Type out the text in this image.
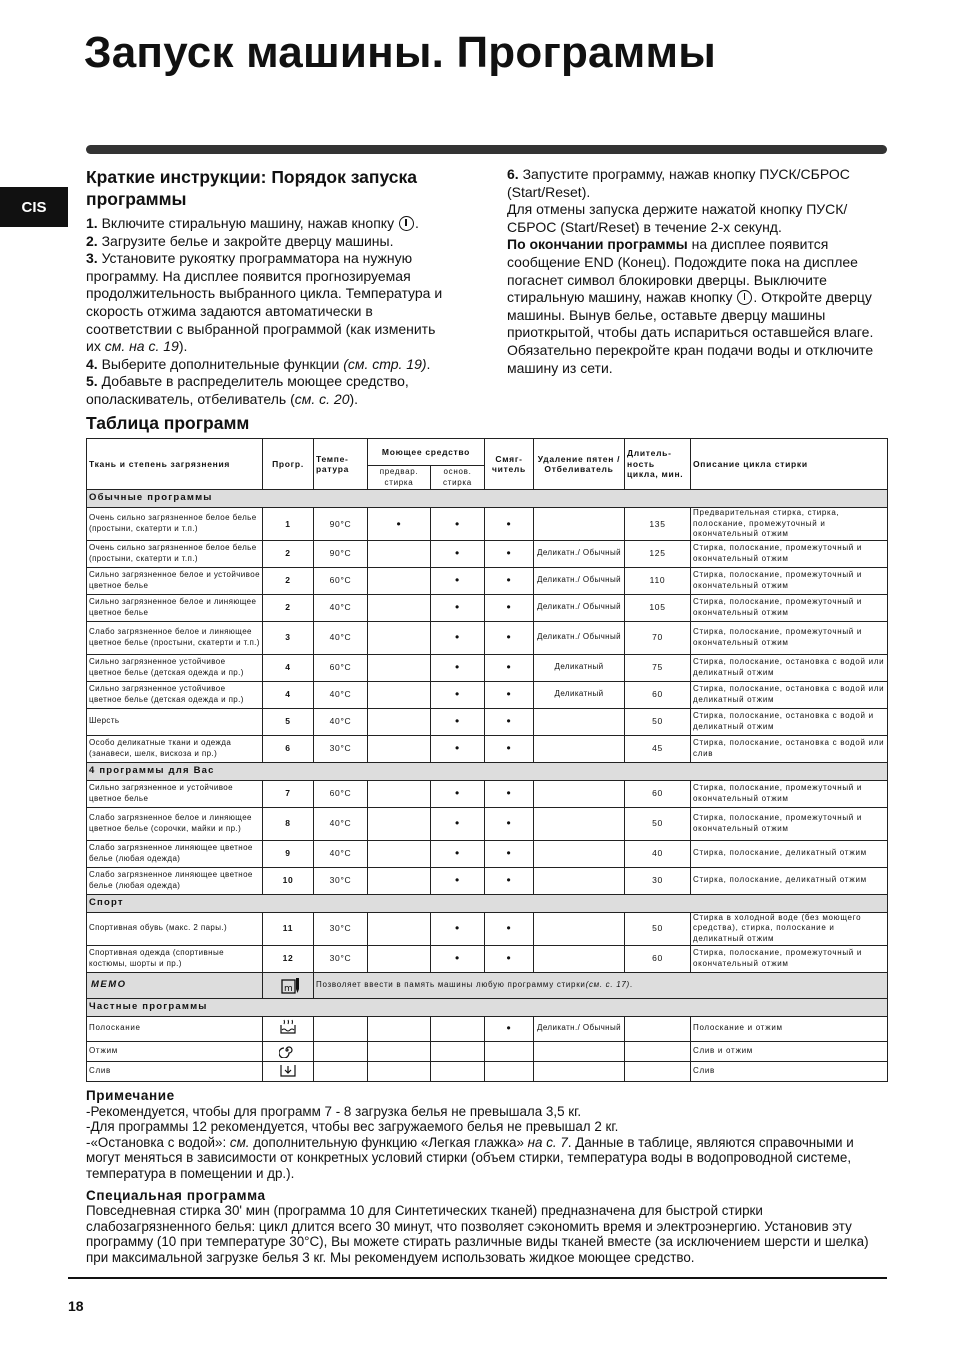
Запуск машины. Программы
CIS
Краткие инструкции: Порядок запуска программы

1. Включите стиральную машину, нажав кнопку .

2. Загрузите белье и закройте дверцу машины.

3. Установите рукоятку программатора на нужную программу. На дисплее появится прогнозируемая продолжительность выбранного цикла. Температура и скорость отжима задаются автоматически в соответствии с выбранной программой (как изменить их см. на с. 19).

4. Выберите дополнительные функции (см. стр. 19).

5. Добавьте в распределитель моющее средство, ополаскиватель, отбеливатель (см. с. 20).

6. Запустите программу, нажав кнопку ПУСК/СБРОС (Start/Reset).

Для отмены запуска держите нажатой кнопку ПУСК/СБРОС (Start/Reset) в течение 2-х секунд.

По окончании программы на дисплее появится сообщение END (Конец). Подождите пока на дисплее погаснет символ блокировки дверцы. Выключите стиральную машину, нажав кнопку . Откройте дверцу машины. Вынув белье, оставьте дверцу машины приоткрытой, чтобы дать испариться оставшейся влаге. Обязательно перекройте кран подачи воды и отключите машину из сети.

Таблица программ
Ткань и степень загрязнения	Прогр.	Темпе-ратура	Моющее средство		Смяг-читель	Удаление пятен / Отбеливатель	Длитель-ность цикла, мин.	Описание цикла стирки
			предвар. стирка	основ. стирка				
Обычные программы								
Очень сильно загрязненное белое белье (простыни, скатерти и т.п.)	1	90°C	•	•	•		135	Предварительная стирка, стирка, полоскание, промежуточный и окончательный отжим
Очень сильно загрязненное белое белье (простыни, скатерти и т.п.)	2	90°C		•	•	Деликатн./ Обычный	125	Стирка, полоскание, промежуточный и окончательный отжим
Сильно загрязненное белое и устойчивое цветное белье	2	60°C		•	•	Деликатн./ Обычный	110	Стирка, полоскание, промежуточный и окончательный отжим
Сильно загрязненное белое и линяющее цветное белье	2	40°C		•	•	Деликатн./ Обычный	105	Стирка, полоскание, промежуточный и окончательный отжим
Слабо загрязненное белое и линяющее цветное белье (простыни, скатерти и т.п.)	3	40°C		•	•	Деликатн./ Обычный	70	Стирка, полоскание, промежуточный и окончательный отжим
Сильно загрязненное устойчивое цветное белье (детская одежда и пр.)	4	60°C		•	•	Деликатный	75	Стирка, полоскание, остановка с водой или деликатный отжим
Сильно загрязненное устойчивое цветное белье (детская одежда и пр.)	4	40°C		•	•	Деликатный	60	Стирка, полоскание, остановка с водой или деликатный отжим
Шерсть	5	40°C		•	•		50	Стирка, полоскание, остановка с водой и деликатный отжим
Особо деликатные ткани и одежда (занавеси, шелк, вискоза и пр.)	6	30°C		•	•		45	Стирка, полоскание, остановка с водой или слив
4 программы для Вас								
Сильно загрязненное и устойчивое цветное белье	7	60°C		•	•		60	Стирка, полоскание, промежуточный и окончательный отжим
Слабо загрязненное белое и линяющее цветное белье (сорочки, майки и пр.)	8	40°C		•	•		50	Стирка, полоскание, промежуточный и окончательный отжим
Слабо загрязненное линяющее цветное белье (любая одежда)	9	40°C		•	•		40	Стирка, полоскание, деликатный отжим
Слабо загрязненное линяющее цветное белье (любая одежда)	10	30°C		•	•		30	Стирка, полоскание, деликатный отжим
Спорт								
Спортивная обувь (макс. 2 пары.)	11	30°C		•	•		50	Стирка в холодной воде (без моющего средства), стирка, полоскание и деликатный отжим
Спортивная одежда (спортивные костюмы, шорты и пр.)	12	30°C		•	•		60	Стирка, полоскание, промежуточный и окончательный отжим
MEMO	m	Позволяет ввести в память машины любую программу стирки(см. с. 17).						
Частные программы								
Полоскание					•	Деликатн./ Обычный		Полоскание и отжим
Отжим								Слив и отжим
Слив								Слив
Примечание

-Рекомендуется, чтобы для программ 7 - 8 загрузка белья не превышала 3,5 кг.

-Для программы 12 рекомендуется, чтобы вес загружаемого белья не превышал 2 кг.

-«Остановка с водой»: см. дополнительную функцию «Легкая глажка» на с. 7. Данные в таблице, являются справочными и могут меняться в зависимости от конкретных условий стирки (объем стирки, температура воды в водопроводной системе, температура в помещении и др.).

Специальная программа

Повседневная стирка 30' мин (программа 10 для Синтетических тканей) предназначена для быстрой стирки слабозагрязненного белья: цикл длится всего 30 минут, что позволяет сэкономить время и электроэнергию. Установив эту программу (10 при температуре 30°C), Вы можете стирать различные виды тканей вместе (за исключением шерсти и шелка) при максимальной загрузке белья 3 кг. Мы рекомендуем использовать жидкое моющее средство.

18
